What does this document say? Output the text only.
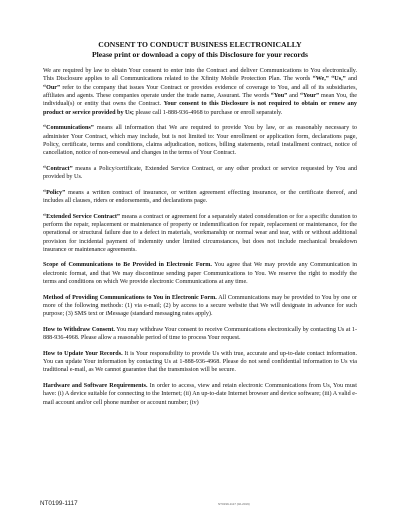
CONSENT TO CONDUCT BUSINESS ELECTRONICALLY
Please print or download a copy of this Disclosure for your records

We are required by law to obtain Your consent to enter into the Contract and deliver Communications to You electronically. This Disclosure applies to all Communications related to the Xfinity Mobile Protection Plan. The words “We,” “Us,” and “Our” refer to the company that issues Your Contract or provides evidence of coverage to You, and all of its subsidiaries, affiliates and agents. These companies operate under the trade name, Assurant. The words “You” and “Your” mean You, the individual(s) or entity that owns the Contract. Your consent to this Disclosure is not required to obtain or renew any product or service provided by Us; please call 1-888-936-4968 to purchase or enroll separately.

“Communications” means all information that We are required to provide You by law, or as reasonably necessary to administer Your Contract, which may include, but is not limited to: Your enrollment or application form, declarations page, Policy, certificate, terms and conditions, claims adjudication, notices, billing statements, retail installment contract, notice of cancellation, notice of non-renewal and changes in the terms of Your Contract.

“Contract” means a Policy/certificate, Extended Service Contract, or any other product or service requested by You and provided by Us.

“Policy” means a written contract of insurance, or written agreement effecting insurance, or the certificate thereof, and includes all clauses, riders or endorsements, and declarations page.

“Extended Service Contract” means a contract or agreement for a separately stated consideration or for a specific duration to perform the repair, replacement or maintenance of property or indemnification for repair, replacement or maintenance, for the operational or structural failure due to a defect in materials, workmanship or normal wear and tear, with or without additional provision for incidental payment of indemnity under limited circumstances, but does not include mechanical breakdown insurance or maintenance agreements.

Scope of Communications to Be Provided in Electronic Form. You agree that We may provide any Communication in electronic format, and that We may discontinue sending paper Communications to You. We reserve the right to modify the terms and conditions on which We provide electronic Communications at any time.

Method of Providing Communications to You in Electronic Form. All Communications may be provided to You by one or more of the following methods: (1) via e-mail; (2) by access to a secure website that We will designate in advance for such purpose; (3) SMS text or iMessage (standard messaging rates apply).

How to Withdraw Consent. You may withdraw Your consent to receive Communications electronically by contacting Us at 1-888-936-4968. Please allow a reasonable period of time to process Your request.

How to Update Your Records. It is Your responsibility to provide Us with true, accurate and up-to-date contact information. You can update Your information by contacting Us at 1-888-936-4968. Please do not send confidential information to Us via traditional e-mail, as We cannot guarantee that the transmission will be secure.

Hardware and Software Requirements. In order to access, view and retain electronic Communications from Us, You must have: (i) A device suitable for connecting to the Internet; (ii) An up-to-date Internet browser and device software; (iii) A valid e-mail account and/or cell phone number or account number; (iv)

NT0199-1117	NT0199-1117 (02-2019)
